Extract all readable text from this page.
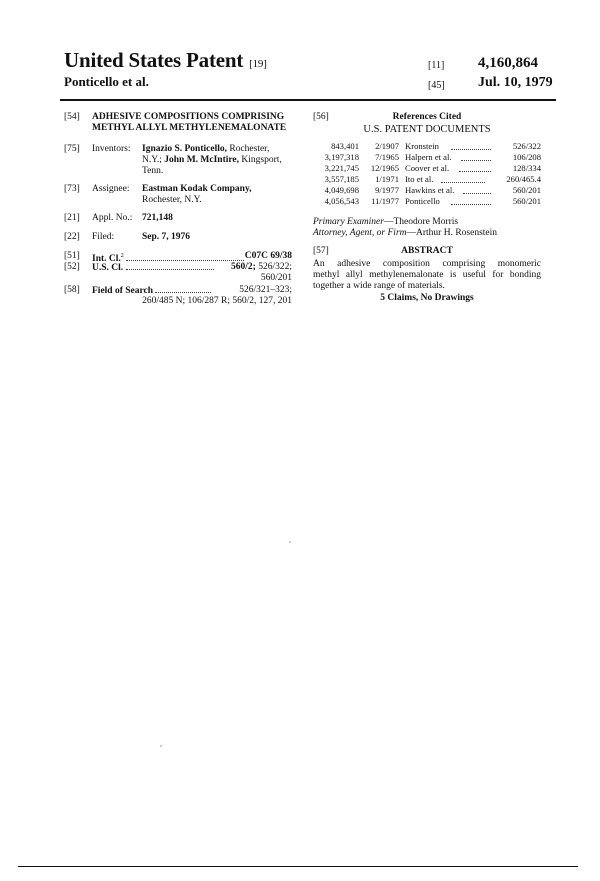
United States Patent [19]
Ponticello et al.
[11] 4,160,864
[45] Jul. 10, 1979
[54] ADHESIVE COMPOSITIONS COMPRISING
METHYL ALLYL METHYLENEMALONATE
[75] Inventors: Ignazio S. Ponticello, Rochester,
N.Y.; John M. McIntire, Kingsport,
Tenn.
[73] Assignee: Eastman Kodak Company,
Rochester, N.Y.
[21] Appl. No.: 721,148
[22] Filed:	Sep. 7, 1976
[51] Int. Cl.$^2$	C07C 69/38
[52] U.S. Cl.	560/2; 526/322;
560/201
[58] Field of Search	526/321–323;
260/485 N; 106/287 R; 560/2, 127, 201
[56]	References Cited
U.S. PATENT DOCUMENTS
843,401	2/1907 Kronstein	526/322
3,197,318	7/1965 Halpern et al.	106/208
3,221,745	12/1965 Coover et al.	128/334
3,557,185	1/1971 Ito et al.	260/465.4
4,049,698	9/1977 Hawkins et al.	560/201
4,056,543	11/1977 Ponticello	560/201
Primary Examiner—Theodore Morris
Attorney, Agent, or Firm—Arthur H. Rosenstein
[57]	ABSTRACT
An adhesive composition comprising monomeric
methyl allyl methylenemalonate is useful for bonding
together a wide range of materials.
5 Claims, No Drawings
